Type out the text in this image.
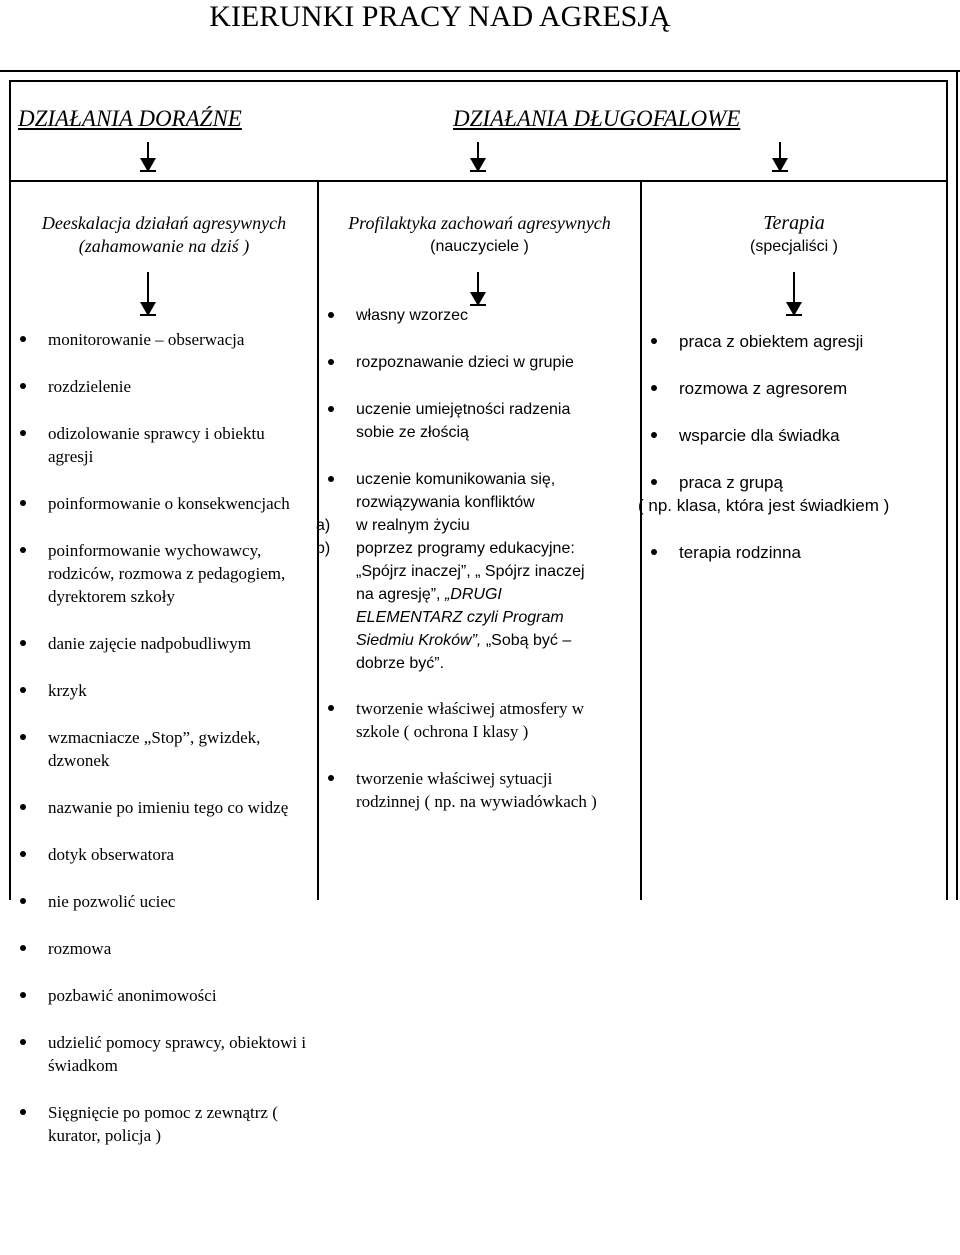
KIERUNKI PRACY NAD AGRESJĄ
DZIAŁANIA DORAŹNE	DZIAŁANIA DŁUGOFALOWE
Deeskalacja działań agresywnych
(zahamowanie na dziś )
Profilaktyka zachowań agresywnych
(nauczyciele )
Terapia
(specjaliści )
monitorowanie – obserwacja
rozdzielenie
odizolowanie sprawcy i obiektu agresji
poinformowanie o konsekwencjach
poinformowanie wychowawcy, rodziców, rozmowa z pedagogiem, dyrektorem szkoły
danie zajęcie nadpobudliwym
krzyk
wzmacniacze „Stop”, gwizdek, dzwonek
nazwanie po imieniu tego co widzę
dotyk obserwatora
nie pozwolić uciec
rozmowa
pozbawić anonimowości
udzielić pomocy sprawcy, obiektowi i świadkom
Sięgnięcie po pomoc z zewnątrz ( kurator, policja )
własny wzorzec
rozpoznawanie dzieci w grupie
uczenie umiejętności radzenia sobie ze złością
uczenie komunikowania się, rozwiązywania konfliktów
a) w realnym życiu
b) poprzez programy edukacyjne: „Spójrz inaczej”, „ Spójrz inaczej na agresję”, „DRUGI ELEMENTARZ czyli Program Siedmiu Kroków”, „Sobą być – dobrze być”.
tworzenie właściwej atmosfery w szkole ( ochrona I klasy )
tworzenie właściwej sytuacji rodzinnej ( np. na wywiadówkach )
praca z obiektem agresji
rozmowa z agresorem
wsparcie dla świadka
praca z grupą
( np. klasa, która jest świadkiem )
terapia rodzinna
